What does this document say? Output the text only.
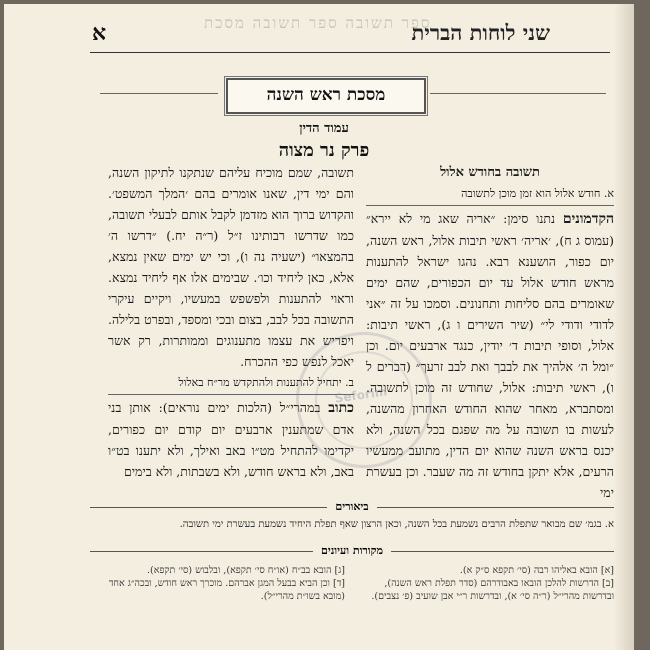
ספר תשובה ספר תשובה מסכת
שני לוחות הברית
א
מסכת ראש השנה
עמוד הדין
פרק נר מצוה
תשובה בחודש אלול
א. חודש אלול הוא זמן מוכן לתשובה

הקדמונים נתנו סימן: ״אריה שאג מי לא יירא״ (עמוס ג ח), ׳אריה׳ ראשי תיבות אלול, ראש השנה, יום כפור, הושענא רבא. נהגו ישראל להתענות מראש חודש אלול עד יום הכפורים, שהם ימים שאומרים בהם סליחות ותחנונים. וסמכו על זה ״אני לדודי ודודי לי״ (שיר השירים ו ג), ראשי תיבות: אלול, וסופי תיבות ד׳ יודין, כנגד ארבעים יום. וכן ״ומל ה׳ אלהיך את לבבך ואת לבב זרעך״ (דברים ל ו), ראשי תיבות: אלול, שחודש זה מוכן לתשובה. ומסתברא, מאחר שהוא החודש האחרון מהשנה, לעשות בו תשובה על מה שפגם בכל השנה, ולא יכנס בראש השנה שהוא יום הדין, מתועב ממעשיו הרעים, אלא יתקן בחודש זה מה שעבר. וכן בעשרת ימי

תשובה, שמם מוכיח עליהם שנתקנו לתיקון השנה, והם ימי דין, שאנו אומרים בהם ׳המלך המשפט׳. והקדוש ברוך הוא מזדמן לקבל אותם לבעלי תשובה, כמו שדרשו רבותינו ז״ל (ר״ה יח.) ״דרשו ה׳ בהמצאו״ (ישעיה נה ו), וכי יש ימים שאין נמצא, אלא, כאן ליחיד וכו׳. שבימים אלו אף ליחיד נמצא. וראוי להתענות ולפשפש במעשיו, ויקיים עיקרי התשובה בכל לבב, בצום ובכי ומספד, ובפרט בלילה. ויפריש את עצמו מתענוגים וממותרות, רק אשר יאכל לנפש כפי ההכרח.

ב. יתחיל להתענות ולהתקדש מר״ח באלול

כתוב במהרי״ל (הלכות ימים נוראים): אותן בני אדם שמתענין ארבעים יום קודם יום כפורים, יקדימו להתחיל מט״ו באב ואילך, ולא יתענו בט״ו באב, ולא בראש חודש, ולא בשבתות, ולא בימים

Seforim
ביאורים
א. בגמ׳ שם מבואר שתפלת הרבים נשמעת בכל השנה, וכאן הרצון שאף תפלת היחיד נשמעת בעשרת ימי תשובה.
מקורות ועיונים

[א] הובא באליהו רבה (סי׳ תקפא ס״ק א).

[ב] הדרשות להלכן הובאו באבודרהם (סדר תפלת ראש השנה), ובדרשות מהרי״ל (ר״ה סי׳ א), ובדרשות ר״י אבן שועיב (פ׳ נצבים).

[ג] הובא בב״ח (או״ח סי׳ תקפא), ובלבוש (סי׳ תקפא).

[ד] וכן הביא בבעל המגן אברהם. מוכרך ראש חודש, ובכה״ג אחד (מובא בשו״ת מהרי״ל).
